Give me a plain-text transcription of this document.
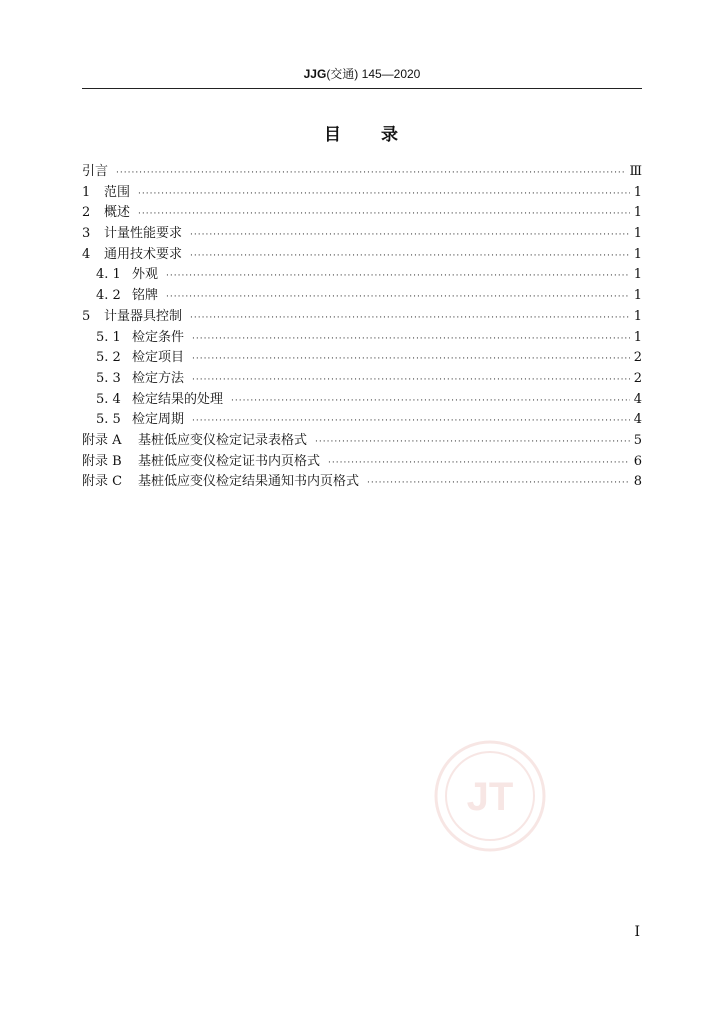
JJG(交通) 145—2020
目 录
引言 ·····	Ⅲ
1	范围 ·····	1
2	概述 ·····	1
3	计量性能要求 ·····	1
4	通用技术要求 ·····	1
4. 1 外观 ·····	1
4. 2 铭牌 ·····	1
5	计量器具控制 ·····	1
5. 1 检定条件 ·····	1
5. 2 检定项目 ·····	2
5. 3 检定方法 ·····	2
5. 4 检定结果的处理 ·····	4
5. 5 检定周期 ·····	4
附录 A	基桩低应变仪检定记录表格式 ·····	5
附录 B	基桩低应变仪检定证书内页格式 ·····	6
附录 C	基桩低应变仪检定结果通知书内页格式 ·····	8
I
JT
